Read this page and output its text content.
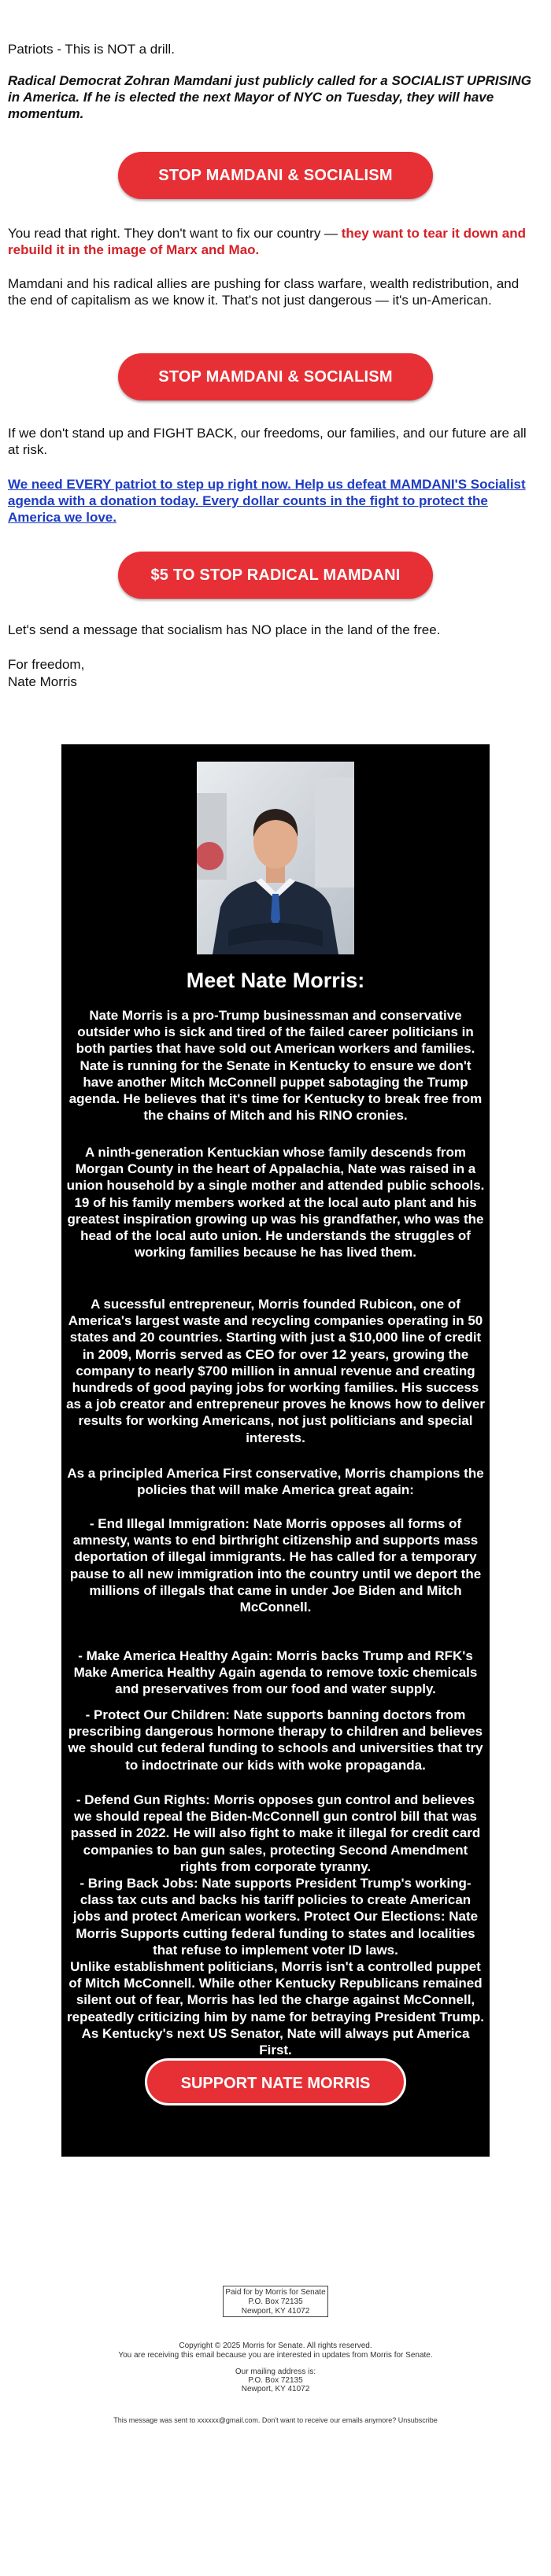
Patriots - This is NOT a drill.

Radical Democrat Zohran Mamdani just publicly called for a SOCIALIST UPRISING in America. If he is elected the next Mayor of NYC on Tuesday, they will have momentum.

STOP MAMDANI & SOCIALISM

You read that right. They don't want to fix our country — they want to tear it down and rebuild it in the image of Marx and Mao.

Mamdani and his radical allies are pushing for class warfare, wealth redistribution, and the end of capitalism as we know it. That's not just dangerous — it's un-American.

STOP MAMDANI & SOCIALISM

If we don't stand up and FIGHT BACK, our freedoms, our families, and our future are all at risk.

We need EVERY patriot to step up right now. Help us defeat MAMDANI'S Socialist agenda with a donation today. Every dollar counts in the fight to protect the America we love.

$5 TO STOP RADICAL MAMDANI

Let's send a message that socialism has NO place in the land of the free.

For freedom,

Nate Morris

Meet Nate Morris:

Nate Morris is a pro-Trump businessman and conservative outsider who is sick and tired of the failed career politicians in both parties that have sold out American workers and families. Nate is running for the Senate in Kentucky to ensure we don't have another Mitch McConnell puppet sabotaging the Trump agenda. He believes that it's time for Kentucky to break free from the chains of Mitch and his RINO cronies.

A ninth-generation Kentuckian whose family descends from Morgan County in the heart of Appalachia, Nate was raised in a union household by a single mother and attended public schools. 19 of his family members worked at the local auto plant and his greatest inspiration growing up was his grandfather, who was the head of the local auto union. He understands the struggles of working families because he has lived them.

A sucessful entrepreneur, Morris founded Rubicon, one of America's largest waste and recycling companies operating in 50 states and 20 countries. Starting with just a $10,000 line of credit in 2009, Morris served as CEO for over 12 years, growing the company to nearly $700 million in annual revenue and creating hundreds of good paying jobs for working families. His success as a job creator and entrepreneur proves he knows how to deliver results for working Americans, not just politicians and special interests.

As a principled America First conservative, Morris champions the policies that will make America great again:

- End Illegal Immigration: Nate Morris opposes all forms of amnesty, wants to end birthright citizenship and supports mass deportation of illegal immigrants. He has called for a temporary pause to all new immigration into the country until we deport the millions of illegals that came in under Joe Biden and Mitch McConnell.

- Make America Healthy Again: Morris backs Trump and RFK's Make America Healthy Again agenda to remove toxic chemicals and preservatives from our food and water supply.

- Protect Our Children: Nate supports banning doctors from prescribing dangerous hormone therapy to children and believes we should cut federal funding to schools and universities that try to indoctrinate our kids with woke propaganda.

- Defend Gun Rights: Morris opposes gun control and believes we should repeal the Biden-McConnell gun control bill that was passed in 2022. He will also fight to make it illegal for credit card companies to ban gun sales, protecting Second Amendment rights from corporate tyranny.

- Bring Back Jobs: Nate supports President Trump's working-class tax cuts and backs his tariff policies to create American jobs and protect American workers. Protect Our Elections: Nate Morris Supports cutting federal funding to states and localities that refuse to implement voter ID laws.

Unlike establishment politicians, Morris isn't a controlled puppet of Mitch McConnell. While other Kentucky Republicans remained silent out of fear, Morris has led the charge against McConnell, repeatedly criticizing him by name for betraying President Trump. As Kentucky's next US Senator, Nate will always put America First.

SUPPORT NATE MORRIS
Paid for by Morris for Senate
P.O. Box 72135
Newport, KY 41072
Copyright © 2025 Morris for Senate. All rights reserved.
You are receiving this email because you are interested in updates from Morris for Senate.
Our mailing address is:
P.O. Box 72135
Newport, KY 41072
This message was sent to xxxxxx@gmail.com. Don't want to receive our emails anymore? Unsubscribe
